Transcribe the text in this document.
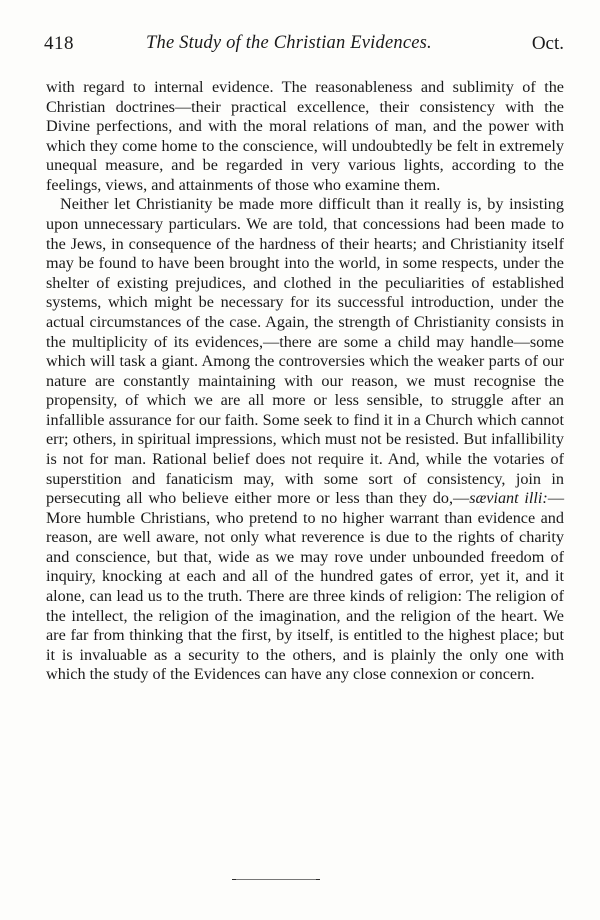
418	The Study of the Christian Evidences.	Oct.

with regard to internal evidence. The reasonableness and sublimity of the Christian doctrines—their practical excellence, their consistency with the Divine perfections, and with the moral relations of man, and the power with which they come home to the conscience, will undoubtedly be felt in extremely unequal measure, and be regarded in very various lights, according to the feelings, views, and attainments of those who examine them.

Neither let Christianity be made more difficult than it really is, by insisting upon unnecessary particulars. We are told, that concessions had been made to the Jews, in consequence of the hardness of their hearts; and Christianity itself may be found to have been brought into the world, in some respects, under the shelter of existing prejudices, and clothed in the peculiarities of established systems, which might be necessary for its successful introduction, under the actual circumstances of the case. Again, the strength of Christianity consists in the multiplicity of its evidences,—there are some a child may handle—some which will task a giant. Among the controversies which the weaker parts of our nature are constantly maintaining with our reason, we must recognise the propensity, of which we are all more or less sensible, to struggle after an infallible assurance for our faith. Some seek to find it in a Church which cannot err; others, in spiritual impressions, which must not be resisted. But infallibility is not for man. Rational belief does not require it. And, while the votaries of superstition and fanaticism may, with some sort of consistency, join in persecuting all who believe either more or less than they do,—sæviant illi:—More humble Christians, who pretend to no higher warrant than evidence and reason, are well aware, not only what reverence is due to the rights of charity and conscience, but that, wide as we may rove under unbounded freedom of inquiry, knocking at each and all of the hundred gates of error, yet it, and it alone, can lead us to the truth. There are three kinds of religion: The religion of the intellect, the religion of the imagination, and the religion of the heart. We are far from thinking that the first, by itself, is entitled to the highest place; but it is invaluable as a security to the others, and is plainly the only one with which the study of the Evidences can have any close connexion or concern.
